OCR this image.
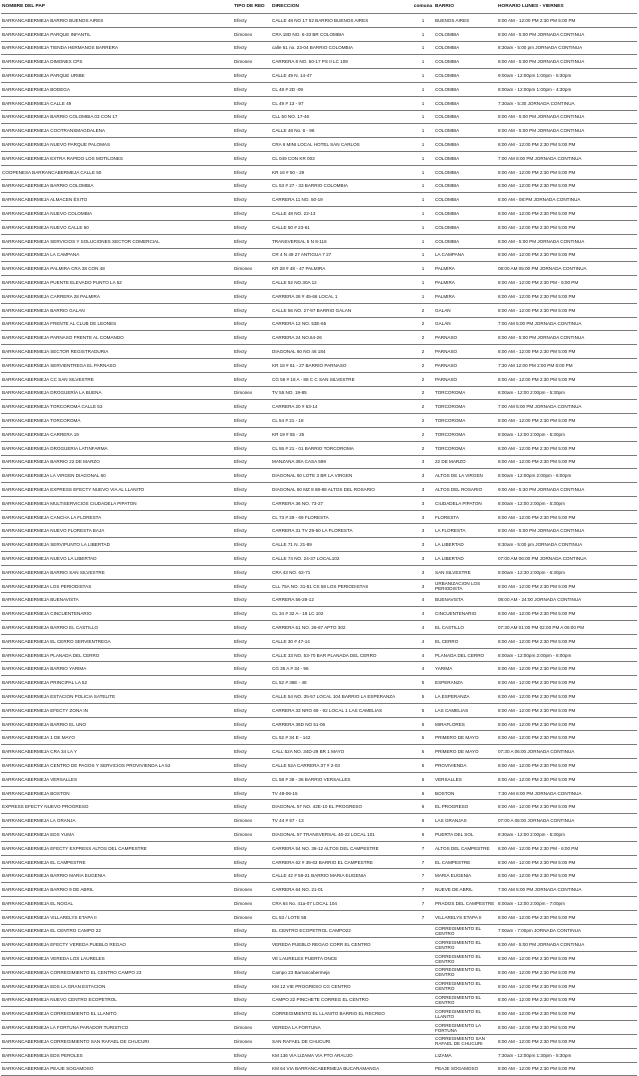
NOMBRE DEL PAP	TIPO DE RED	DIRECCION	comuna	BARRIO	HORARIO LUNES - VIERNES
BARRANCABERMEJA BARRIO BUENOS AIRES	Efecty	CALLE 48 NO 17 52 BARRIO BUENOS AIRES	1	BUENOS AIRES	8:00 AM - 12:00 PM 2:30 PM 5:00 PM
BARRANCABERMEJA PARQUE INFANTIL	Dimonex	CRA 18D NO. 6-33 BR COLOMBIA	1	COLOMBIA	8:00 AM - 5:00 PM JORNADA CONTINUA
BARRANCABERMEJA TIENDA HERMANOS BARRERA	Efecty	calle 51 no. 23-04 BARRIO COLOMBIA	1	COLOMBIA	8:30am - 5:00 pm JORNADA CONTINUA
BARRANCABERMEJA DIMONEX CPS	Dimonex	CARRERA 8 NO. 50-17 PS II LC 109	1	COLOMBIA	8:00 AM - 5:00 PM JORNADA CONTINUA
BARRANCABERMEJA PARQUE URIBE	Efecty	CALLE 49 N. 14-47	1	COLOMBIA	9:00am - 12:00pm 1:00pm - 5:30pm
BARRANCABERMEJA BODEGA	Efecty	CL 48 # 2D -09	1	COLOMBIA	8:00am - 12:00pm 1:00pm - 4:30pm
BARRANCABERMEJA CALLE 49	Efecty	CL 49 # 13 - 97	1	COLOMBIA	7:30am - 5:30 JORNADA CONTINUA
BARRANCABERMEJA BARRIO COLOMBIA 03 CON 17	Efecty	CLL 50 NO. 17-46	1	COLOMBIA	8:00 AM - 5:00 PM JORNADA CONTINUA
BARRANCABERMEJA COOTRANSMAGDALENA	Efecty	CALLE 48 No. 6 - 96	1	COLOMBIA	8:00 AM - 5:00 PM JORNADA CONTINUA
BARRANCABERMEJA NUEVO PARQUE PALOMAS	Efecty	CRA 6 MINI LOCAL HOTEL SAN CARLOS	1	COLOMBIA	8:00 AM - 12:00 PM 2:30 PM 5:00 PM
BARRANCABERMEJA EXTRA RAPIDO LOS MOTILONES	Efecty	CL 049 CON KR 003	1	COLOMBIA	7:00 AM 6:00 PM JORNADA CONTINUA
COOPENESA BARRANCABERMEJA CALLE 50	Efecty	KR 16 # 50 - 29	1	COLOMBIA	8:00 AM - 12:00 PM 2:30 PM 5:00 PM
BARRANCABERMEJA BARRIO COLOMBIA	Efecty	CL 53 # 27 - 33 BARRIO COLOMBIA	1	COLOMBIA	8:00 AM - 12:00 PM 2:30 PM 5:00 PM
BARRANCABERMEJA ALMACEN ÉXITO	Efecty	CARRERA 11 NO. 50-19	1	COLOMBIA	8:00 AM - 08:PM JORNADA CONTINUA
BARRANCABERMEJA NUEVO COLOMBIA	Efecty	CALLE 48 NO. 22-13	1	COLOMBIA	8:00 AM - 12:00 PM 2:30 PM 5:00 PM
BARRANCABERMEJA NUEVO CALLE 50	Efecty	CALLE 50 # 23-61	1	COLOMBIA	8:00 AM - 12:00 PM 2:30 PM 5:00 PM
BARRANCABERMEJA SERVICIOS Y SOLUCIONES SECTOR COMERCIAL	Efecty	TRANSVERSAL 5 N 8-116	1	COLOMBIA	8:00 AM - 5:00 PM JORNADA CONTINUA
BARRANCABERMEJA LA CAMPANA	Efecty	CR 4 N 49 27 ANTIGUA 7 27	1	LA CAMPANA	8:00 AM - 12:00 PM 2:30 PM 5:00 PM
BARRANCABERMEJA PALMIRA CRA 28 CON 48	Dimonex	KR 28 # 48 - 47 PALMIRA	1	PALMIRA	08:00 AM 05:00 PM JORNADA CONTINUA
BARRANCABERMEJA PUENTE ELEVADO PUNTO LA 52	Efecty	CALLE 52 NO.30A 12	1	PALMIRA	8:00 AM - 12:00 PM 2:30 PM - 5:00 PM
BARRANCABERMEJA CARRERA 28 PALMIRA	Efecty	CARRERA 28 # 45-66 LOCAL 1	1	PALMIRA	8:00 AM - 12:00 PM 2:30 PM 5:00 PM
BARRANCABERMEJA BARRIO GALAN	Efecty	CALLE 56 NO. 27-97 BARRIO GALAN	2	GALAN	8:00 AM - 12:00 PM 2:30 PM 5:00 PM
BARRANCABERMEJA FRENTE AL CLUB DE LEONES	Efecty	CARRERA 12 NO. 53E-65	2	GALÁN	7:00 AM 5:00 PM JORNADA CONTINUA
BARRANCABERMEJA PARNASO FRENTE AL COMANDO	Efecty	CARRERA 24 NO.64-26	2	PARNASO	8:00 AM - 5:00 PM JORNADA CONTINUA
BARRANCABERMEJA SECTOR REGISTRADURIA	Efecty	DIAGONAL 60 NO 46 184	2	PARNASO	8:00 AM - 12:00 PM 2:30 PM 5:00 PM
BARRANCABERMEJA SERVIENTREGA EL PARNASO	Efecty	KR 18 # 61 - 27 BARRIO PARNASO	2	PARNASO	7:30 AM 12:00 PM 2:00 PM 6:00 PM
BARRANCABERMEJA CC SAN SILVESTRE	Efecty	CG 56 # 18 A - 88 C C SAN SILVESTRE	2	PARNASO	8:00 AM - 12:00 PM 2:30 PM 5:00 PM
BARRANCABERMEJA DROGUERÍA LA BUENA	Dimonex	TV 55 NO. 19-85	2	TORCOROMA	8:00am - 12:00 2:00pm - 5:30pm
BARRANCABERMEJA TORCOROMA CALLE 53	Efecty	CARRERA 20 # 53-14	2	TORCOROMA	7:00 AM 5:00 PM JORNADA CONTINUA
BARRANCABERMEJA TORCOROMA	Efecty	CL 54 # 21 - 18	2	TORCOROMA	8:00 AM - 12:00 PM 2:30 PM 5:00 PM
BARRANCABERMEJA CARRERA 19	Efecty	KR 19 # 55 - 25	2	TORCOROMA	8:00am - 12:00 2:00pm - 5:30pm
BARRANCABERMEJA DROGUERIA LATINFARMA	Efecty	CL 55 # 21 - 01 BARRIO TORCOROMA	2	TORCOROMA	8:00 AM - 12:00 PM 2:30 PM 5:00 PM
BARRANCABERMEJA BARRIO 22 DE MARZO	Efecty	MANZANA 38A CASA 599	3	22 DE MARZO	8:00 AM - 12:00 PM 2:30 PM 5:00 PM
BARRANCABERMEJA LA VIRGEN DIAGONAL 60	Efecty	DIAGONAL 60 LOTE 3 BR LA VIRGEN	3	ALTOS DE LA VIRGEN	8:00am - 12:00pm 2:00pm - 6:00pm
BARRANCABERMEJA EXPRESS EFECTY NUEVO VIA AL LLANITO	Efecty	DIAGONAL 60 MZ 8 88-88 ALTOS DEL ROSARIO	3	ALTOS DEL ROSARIO	9:00 AM - 5:30 PM JORNADA CONTINUA
BARRANCABERMEJA MULTISERVICIOS CIUDADELA PIPATON	Efecty	CARRERA 36 NO. 73-27	3	CIUDADELA PIPATON	8:00am - 12:00 2:00pm - 5:30pm
BARRANCABERMEJA CANCHA LA FLORESTA	Efecty	CL 73 # 29 - 69 FLORESTA	3	FLORESTA	8:00 AM - 12:00 PM 2:30 PM 5:00 PM
BARRANCABERMEJA NUEVO FLORESTA BAJA	Efecty	CARRERA 31 TV 29-50 LA FLORESTA	3	LA FLORESTA	8:00 AM - 5:00 PM JORNADA CONTINUA
BARRANCABERMEJA SERVIPUNTO LA LIBERTAD	Efecty	CALLE 71 N. 21-89	3	LA LIBERTAD	8:30am - 5:00 pm JORNADA CONTINUA
BARRANCABERMEJA NUEVO LA LIBERTAD	Efecty	CALLE 74 NO. 24-37 LOCAL102	3	LA LIBERTAD	07:00 AM 06:00 PM JORNADA CONTINUA
BARRANCABERMEJA BARRIO SAN SILVESTRE	Efecty	CRA 43 NO. 62-71	3	SAN SILVESTRE	8:00am - 12:30 2:00pm - 6:30pm
BARRANCABERMEJA LOS PERIODISTAS	Efecty	CLL 75A NO. 31-51 CS 58 LOS PERIODISTAS	3	URBANIZACION LOS PERIODISTA	8:00 AM - 12:00 PM 2:30 PM 5:00 PM
BARRANCABERMEJA BUENAVISTA	Efecty	CARRERA 56-28-12	4	BUENAVISTA	08:00 AM - 24:00 JORNADA CONTINUA
BARRANCABERMEJA CINCUENTENARIO	Efecty	CL 34 # 32 A - 19 LC 102	4	CINCUENTENARIO	8:00 AM - 12:00 PM 2:30 PM 5:00 PM
BARRANCABERMEJA BARRIO EL CASTILLO	Efecty	CARRERA 51 NO. 26-87 APTO 302	4	EL CASTILLO	07:30 AM 01:00 PM 02:00 PM A 06:00 PM
BARRANCABERMEJA EL CERRO SERVIENTREGA	Efecty	CALLE 30 # 47-14	4	EL CERRO	8:00 AM - 12:00 PM 2:30 PM 5:00 PM
BARRANCABERMEJA PLANADA DEL CERRO	Efecty	CALLE 33 NO. 53-70 BAR PLANADA DEL CERRO	4	PLANADA DEL CERRO	8:00am - 12:00pm 2:00pm - 6:00pm
BARRANCABERMEJA BARRIO YARIMA	Efecty	CG 35 A # 34 - 96	4	YARIMA	8:00 AM - 12:00 PM 2:30 PM 5:00 PM
BARRANCABERMEJA PRINCIPAL LA 52	Efecty	CL 52 # 36E - 48	5	ESPERANZA	8:00 AM - 12:00 PM 2:30 PM 5:00 PM
BARRANCABERMEJA ESTACION POLICIA SATELITE	Efecty	CALLE 54 NO. 35-57 LOCAL 104 BARRIO LA ESPERANZA	5	LA ESPERANZA	8:00 AM - 12:00 PM 2:30 PM 5:00 PM
BARRANCABERMEJA EFECTY ZONA IN	Efecty	CARRERA 33 NRO 69 - 92 LOCAL 1 LAS CAMELIAS	5	LAS CAMELIAS	8:00 AM - 12:00 PM 2:30 PM 5:00 PM
BARRANCABERMEJA BARRIO EL UNO	Efecty	CARRERA 36D NO 51-06	5	MIRAFLORES	8:00 AM - 12:00 PM 2:30 PM 5:00 PM
BARRANCABERMEJA 1 DE MAYO	Efecty	CL 52 # 34 E - 142	5	PRIMERO DE MAYO	8:00 AM - 12:00 PM 2:30 PM 5:00 PM
BARRANCABERMEJA CRA 34 LA Y	Efecty	CALL 52A NO. 34D-29 BR 1 MAYO	5	PRIMERO DE MAYO	07:30 A 06:00 JORNADA CONTINUA
BARRANCABERMEJA CENTRO DE PAGOS Y SERVICIOS PROVIVIENDA LA 52	Efecty	CALLE 52A CARRERA 37 # 2-03	5	PROVIVIENDA	8:00 AM - 12:00 PM 2:30 PM 5:00 PM
BARRANCABERMEJA VERSALLES	Efecty	CL 58 # 38 - 36 BARRIO VERSALLES	5	VERSALLES	8:00 AM - 12:00 PM 2:30 PM 5:00 PM
BARRANCABERMEJA BOSTON	Efecty	TV 48-06-15	6	BOSTON	7:30 AM 6:00 PM JORNADA CONTINUA
EXPRESS EFECTY NUEVO PROGRESO	Efecty	DIAGONAL 57 NO. 42E-10 EL PROGRESO	6	EL PROGRESO	8:00 AM - 12:00 PM 2:30 PM 5:00 PM
BARRANCABERMEJA LA GRANJA	Dimonex	TV 44 # 57 - 13	6	LAS GRANJAS	07:00 A 06:00 JORNADA CONTINUA
BARRANCABERMEJA EDS YUMA	Dimonex	DIAGONAL 57 TRANSVERSAL 46-22 LOCAL 101	6	PUERTA DEL SOL	8:30am - 12:00 2:00pm - 5:30pm
BARRANCABERMEJA EFECTY EXPRESS ALTOS DEL CAMPESTRE	Efecty	CARRERA 54 NO. 36-12 ALTOS DEL CAMPESTRE	7	ALTOS DEL CAMPESTRE	8:00 AM - 12:00 PM 2:30 PM - 6:00 PM
BARRANCABERMEJA EL CAMPESTRE	Efecty	CARRERA 62 # 39-63 BARRIO EL CAMPESTRE	7	EL CAMPESTRE	8:00 AM - 12:00 PM 2:30 PM 5:00 PM
BARRANCABERMEJA BARRIO MARIA EUGENIA	Efecty	CALLE 42 # 58-21 BARRIO MARIA EUGENIA	7	MARIA EUGENIA	8:00 AM - 12:00 PM 2:30 PM 5:00 PM
BARRANCABERMEJA BARRIO 9 DE ABRIL	Dimonex	CARRERA 64 NO. 21-01	7	NUEVE DE ABRIL	7:00 AM 5:00 PM JORNADA CONTINUA
BARRANCABERMEJA EL NOGAL	Dimonex	CRA 64 No. 41a-07 LOCAL 104	7	PRADOS DEL CAMPESTRE	8:00am - 12:00 2:00pm - 7:00pm
BARRANCABERMEJA VILLARELYS ETAPA II	Dimonex	CL 53 / LOTE 58	7	VILLARELYS ETAPA II	8:00 AM - 12:00 PM 2:30 PM 5:00 PM
BARRANCABERMEJA EL CENTRO CAMPO 22	Efecty	EL CENTRO ECOPETROL CAMPO22		CORREGIMIENTO EL CENTRO	7:00am - 7:00pm JORNADA CONTINUA
BARRANCABERMEJA EFECTY VEREDA PUEBLO REGAO	Efecty	VEREDA PUEBLO REGAO CORR EL CENTRO		CORREGIMIENTO EL CENTRO	8:00 AM - 5:00 PM JORNADA CONTINUA
BARRANCABERMEJA VEREDA LOS LAURELES	Efecty	VE LAURELES PUERTA ONCE		CORREGIMIENTO EL CENTRO	8:00 AM - 12:00 PM 2:30 PM 5:00 PM
BARRANCABERMEJA CORREGIMIENTO EL CENTRO CAMPO 23	Efecty	Campo 23 Barrancabermeja		CORREGIMIENTO EL CENTRO	8:00 AM - 12:00 PM 2:30 PM 5:00 PM
BARRANCABERMEJA EDS LA GRAN ESTACION	Efecty	KM 12 VIE PROGRESO CG CENTRO		CORREGIMIENTO EL CENTRO	8:00 AM - 12:00 PM 2:30 PM 5:00 PM
BARRANCABERMEJA NUEVO CENTRO ECOPETROL	Efecty	CAMPO 22 PINCHETE CORREG EL CENTRO		CORREGIMIENTO EL CENTRO	8:00 AM - 12:00 PM 2:30 PM 5:00 PM
BARRANCABERMEJA CORREGIMIENTO EL LLANITO	Efecty	CORREGIMIENTO EL LLANITO BARRIO EL RECREO		CORREGIMIENTO EL LLANITO	8:00 AM - 12:00 PM 2:30 PM 5:00 PM
BARRANCABERMEJA LA FORTUNA PARADOR TURISTICO	Dimonex	VEREDA LA FORTUNA		CORREGIMIENTO LA FORTUNA	8:00 AM - 12:00 PM 2:30 PM 5:00 PM
BARRANCABERMEJA CORREGIMIENTO SAN RAFAEL DE CHUCURI	Dimonex	SAN RAFAEL DE CHUCURI		CORREGIMIENTO SAN RAFAEL DE CHUCURI	8:00 AM - 12:00 PM 2:30 PM 5:00 PM
BARRANCABERMEJA EDS PEROLES	Efecty	KM 136 VIA LIZAMA VIA PTO ARAUJO		LIZAMA	7:30am - 12:00pm 1:30pm - 5:30pm
BARRANCABERMEJA PEAJE SOGAMOSO	Efecty	KM 64 VIA BARRANCABERMEJA BUCARAMANGA		PEAJE SOGAMOSO	8:00 AM - 12:00 PM 2:30 PM 5:00 PM
